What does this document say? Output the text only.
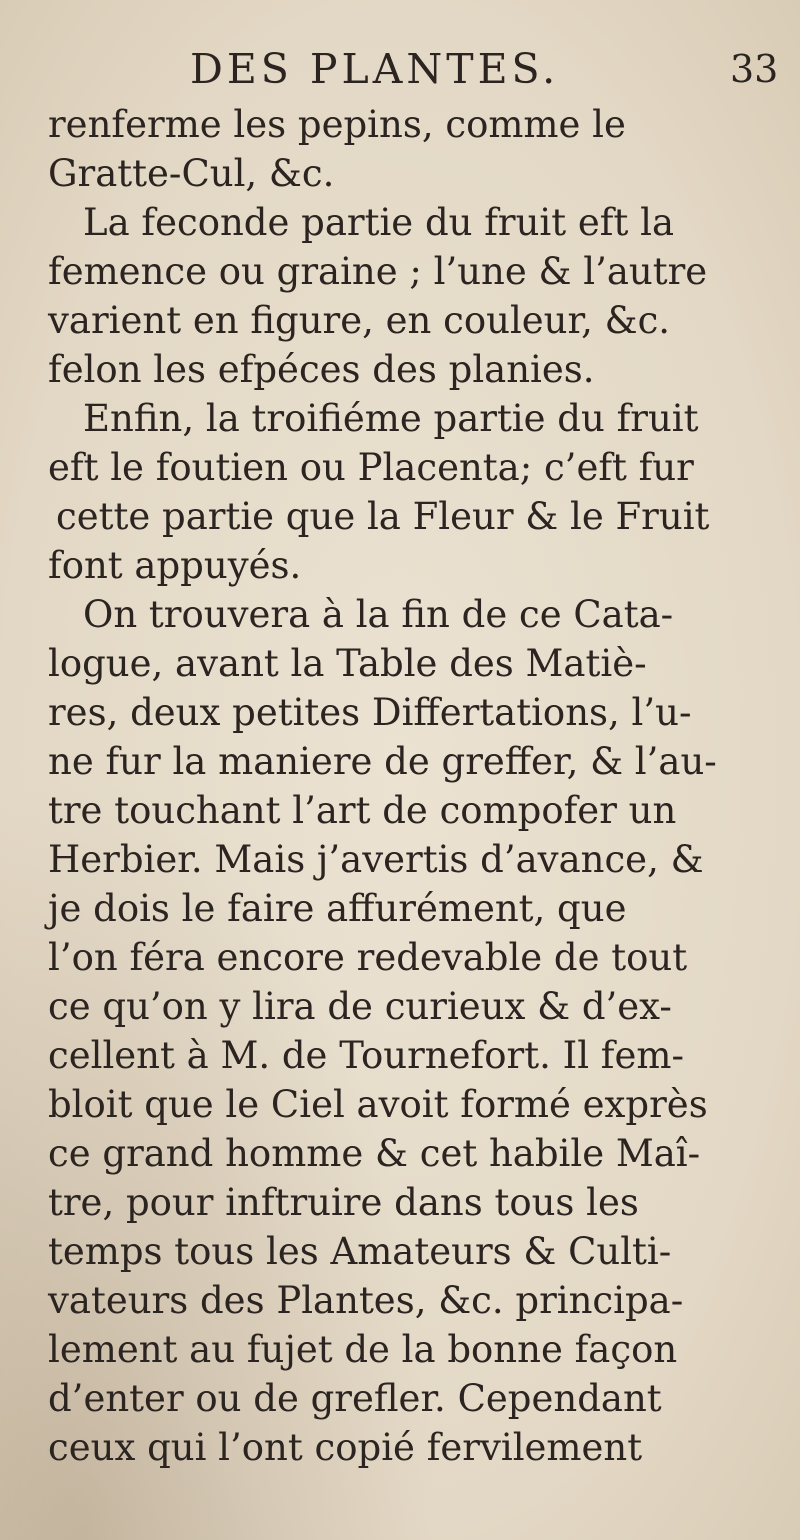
DES PLANTES.	33
renferme les pepins, comme le
Gratte-Cul, &c.
La feconde partie du fruit eft la
femence ou graine ; l’une & l’autre
varient en figure, en couleur, &c.
felon les efpéces des planies.
Enfin, la troifiéme partie du fruit
eft le foutien ou Placenta; c’eft fur
cette partie que la Fleur & le Fruit
font appuyés.
On trouvera à la fin de ce Cata-
logue, avant la Table des Matiè-
res, deux petites Differtations, l’u-
ne fur la maniere de greffer, & l’au-
tre touchant l’art de compofer un
Herbier. Mais j’avertis d’avance, &
je dois le faire affurément, que
l’on féra encore redevable de tout
ce qu’on y lira de curieux & d’ex-
cellent à M. de Tournefort. Il fem-
bloit que le Ciel avoit formé exprès
ce grand homme & cet habile Maî-
tre, pour inftruire dans tous les
temps tous les Amateurs & Culti-
vateurs des Plantes, &c. principa-
lement au fujet de la bonne façon
d’enter ou de grefler. Cependant
ceux qui l’ont copié fervilement
